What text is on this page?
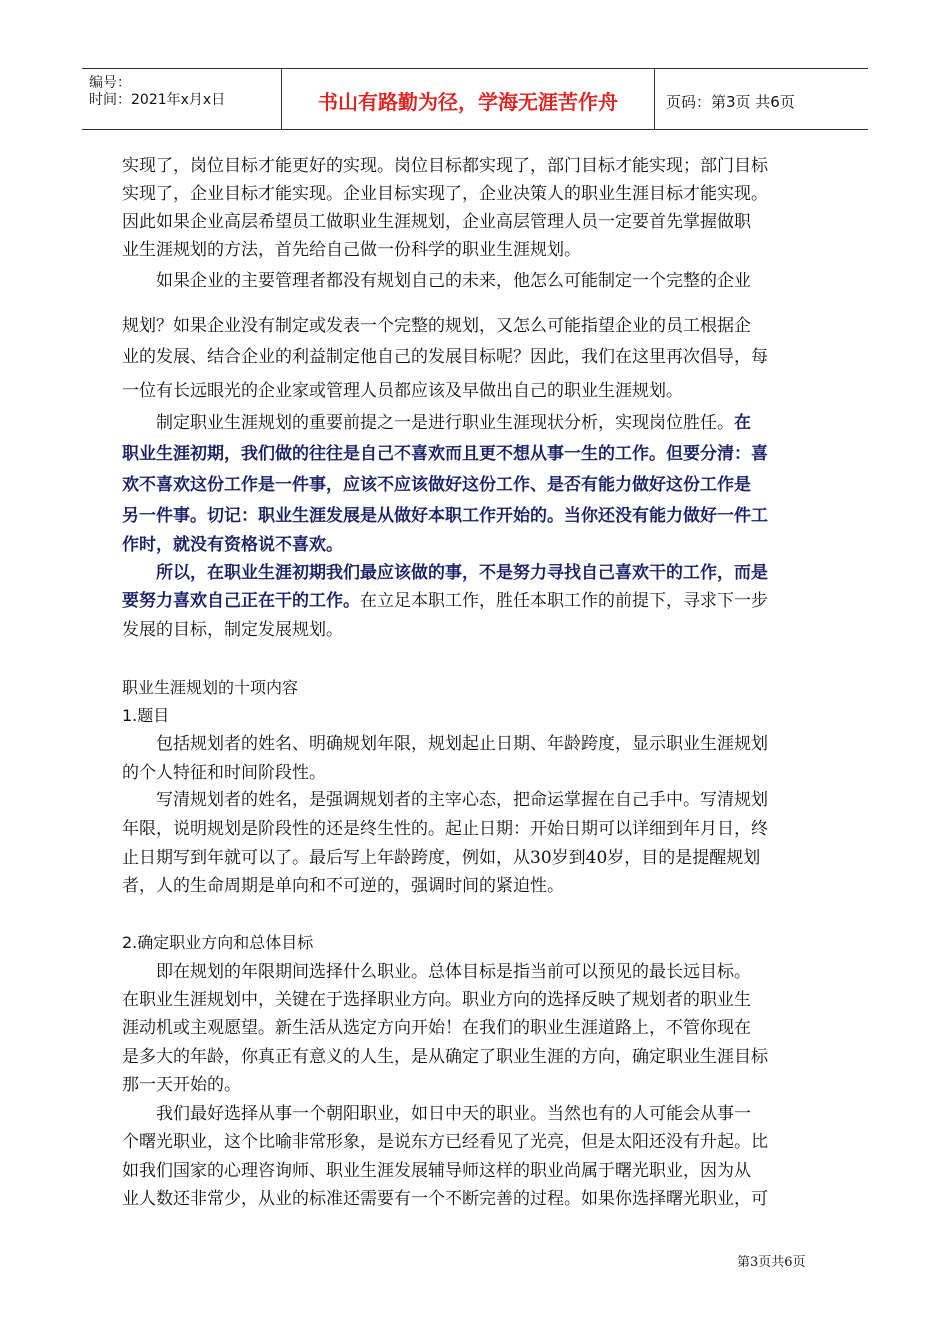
编号：
时间：2021年x月x日	书山有路勤为径，学海无涯苦作舟	页码：第3页 共6页

实现了，岗位目标才能更好的实现。岗位目标都实现了，部门目标才能实现；部门目标

实现了，企业目标才能实现。企业目标实现了，企业决策人的职业生涯目标才能实现。

因此如果企业高层希望员工做职业生涯规划，企业高层管理人员一定要首先掌握做职

业生涯规划的方法，首先给自己做一份科学的职业生涯规划。

如果企业的主要管理者都没有规划自己的未来，他怎么可能制定一个完整的企业

规划？如果企业没有制定或发表一个完整的规划，又怎么可能指望企业的员工根据企

业的发展、结合企业的利益制定他自己的发展目标呢？因此，我们在这里再次倡导，每

一位有长远眼光的企业家或管理人员都应该及早做出自己的职业生涯规划。

制定职业生涯规划的重要前提之一是进行职业生涯现状分析，实现岗位胜任。在

职业生涯初期，我们做的往往是自己不喜欢而且更不想从事一生的工作。但要分清：喜

欢不喜欢这份工作是一件事，应该不应该做好这份工作、是否有能力做好这份工作是

另一件事。切记：职业生涯发展是从做好本职工作开始的。当你还没有能力做好一件工

作时，就没有资格说不喜欢。

所以，在职业生涯初期我们最应该做的事，不是努力寻找自己喜欢干的工作，而是

要努力喜欢自己正在干的工作。在立足本职工作，胜任本职工作的前提下，寻求下一步

发展的目标，制定发展规划。

职业生涯规划的十项内容

1.题目

包括规划者的姓名、明确规划年限，规划起止日期、年龄跨度，显示职业生涯规划

的个人特征和时间阶段性。

写清规划者的姓名，是强调规划者的主宰心态，把命运掌握在自己手中。写清规划

年限，说明规划是阶段性的还是终生性的。起止日期：开始日期可以详细到年月日，终

止日期写到年就可以了。最后写上年龄跨度，例如，从30岁到40岁，目的是提醒规划

者，人的生命周期是单向和不可逆的，强调时间的紧迫性。

2.确定职业方向和总体目标

即在规划的年限期间选择什么职业。总体目标是指当前可以预见的最长远目标。

在职业生涯规划中，关键在于选择职业方向。职业方向的选择反映了规划者的职业生

涯动机或主观愿望。新生活从选定方向开始！在我们的职业生涯道路上，不管你现在

是多大的年龄，你真正有意义的人生，是从确定了职业生涯的方向，确定职业生涯目标

那一天开始的。

我们最好选择从事一个朝阳职业，如日中天的职业。当然也有的人可能会从事一

个曙光职业，这个比喻非常形象，是说东方已经看见了光亮，但是太阳还没有升起。比

如我们国家的心理咨询师、职业生涯发展辅导师这样的职业尚属于曙光职业，因为从

业人数还非常少，从业的标准还需要有一个不断完善的过程。如果你选择曙光职业，可

第3页共6页
